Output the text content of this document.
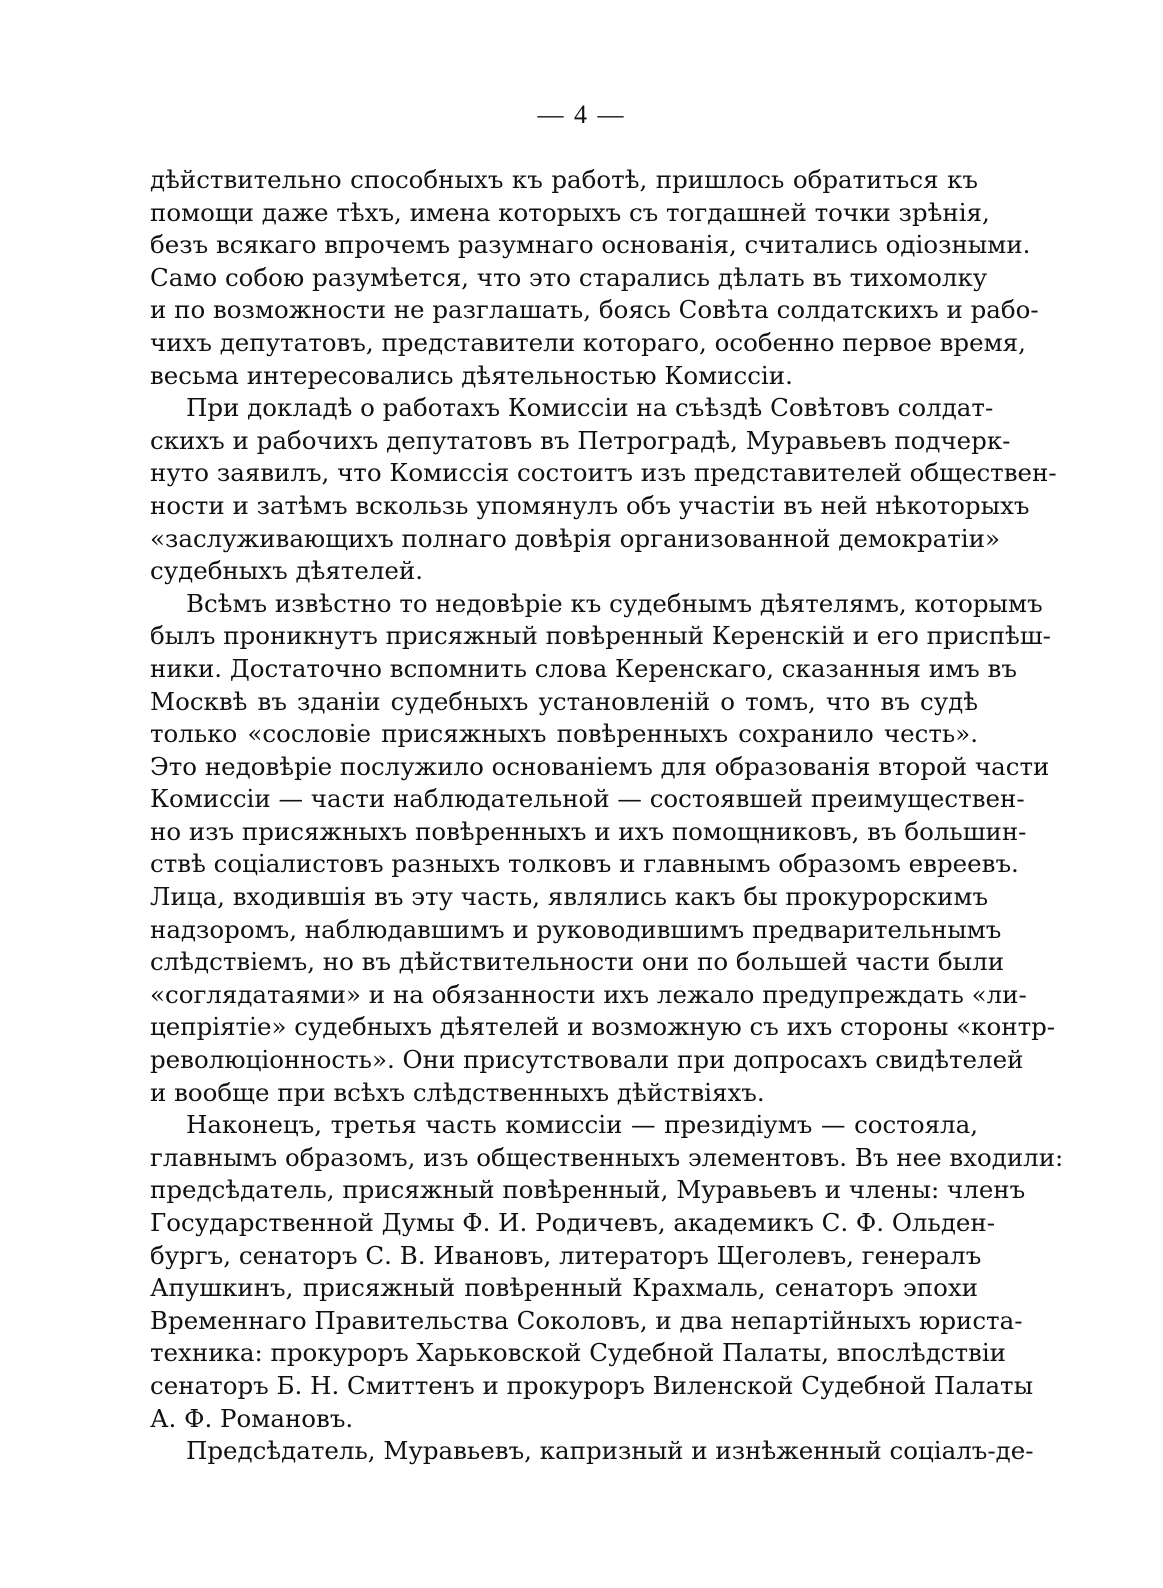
— 4 —
дѣйствительно способныхъ къ работѣ, пришлось обратиться къ
помощи даже тѣхъ, имена которыхъ съ тогдашней точки зрѣнія,
безъ всякаго впрочемъ разумнаго основанія, считались одіозными.
Само собою разумѣется, что это старались дѣлать въ тихомолку
и по возможности не разглашать, боясь Совѣта солдатскихъ и рабо-
чихъ депутатовъ, представители котораго, особенно первое время,
весьма интересовались дѣятельностью Комиссіи.
При докладѣ о работахъ Комиссіи на съѣздѣ Совѣтовъ солдат-
скихъ и рабочихъ депутатовъ въ Петроградѣ, Муравьевъ подчерк-
нуто заявилъ, что Комиссія состоитъ изъ представителей обществен-
ности и затѣмъ вскользь упомянулъ объ участіи въ ней нѣкоторыхъ
«заслуживающихъ полнаго довѣрія организованной демократіи»
судебныхъ дѣятелей.
Всѣмъ извѣстно то недовѣріе къ судебнымъ дѣятелямъ, которымъ
былъ проникнутъ присяжный повѣренный Керенскій и его приспѣш-
ники. Достаточно вспомнить слова Керенскаго, сказанныя имъ въ
Москвѣ въ зданіи судебныхъ установленій о томъ, что въ судѣ
только «сословіе присяжныхъ повѣренныхъ сохранило честь».
Это недовѣріе послужило основаніемъ для образованія второй части
Комиссіи — части наблюдательной — состоявшей преимуществен-
но изъ присяжныхъ повѣренныхъ и ихъ помощниковъ, въ большин-
ствѣ соціалистовъ разныхъ толковъ и главнымъ образомъ евреевъ.
Лица, входившія въ эту часть, являлись какъ бы прокурорскимъ
надзоромъ, наблюдавшимъ и руководившимъ предварительнымъ
слѣдствіемъ, но въ дѣйствительности они по большей части были
«соглядатаями» и на обязанности ихъ лежало предупреждать «ли-
цепріятіе» судебныхъ дѣятелей и возможную съ ихъ стороны «контр-
революціонность». Они присутствовали при допросахъ свидѣтелей
и вообще при всѣхъ слѣдственныхъ дѣйствіяхъ.
Наконецъ, третья часть комиссіи — президіумъ — состояла,
главнымъ образомъ, изъ общественныхъ элементовъ. Въ нее входили:
предсѣдатель, присяжный повѣренный, Муравьевъ и члены: членъ
Государственной Думы Ф. И. Родичевъ, академикъ С. Ф. Ольден-
бургъ, сенаторъ С. В. Ивановъ, литераторъ Щеголевъ, генералъ
Апушкинъ, присяжный повѣренный Крахмаль, сенаторъ эпохи
Временнаго Правительства Соколовъ, и два непартійныхъ юриста-
техника: прокуроръ Харьковской Судебной Палаты, впослѣдствіи
сенаторъ Б. Н. Смиттенъ и прокуроръ Виленской Судебной Палаты
А. Ф. Романовъ.
Предсѣдатель, Муравьевъ, капризный и изнѣженный соціалъ-де-
